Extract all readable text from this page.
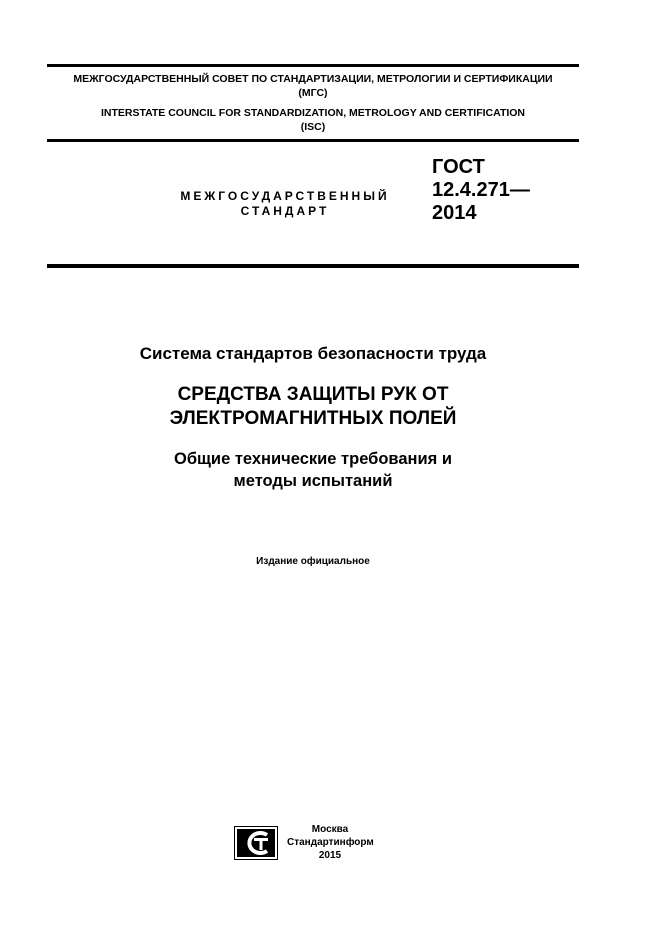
МЕЖГОСУДАРСТВЕННЫЙ СОВЕТ ПО СТАНДАРТИЗАЦИИ, МЕТРОЛОГИИ И СЕРТИФИКАЦИИ
(МГС)
INTERSTATE COUNCIL FOR STANDARDIZATION, METROLOGY AND CERTIFICATION
(ISC)
МЕЖГОСУДАРСТВЕННЫЙ
СТАНДАРТ
ГОСТ
12.4.271—
2014
Система стандартов безопасности труда
СРЕДСТВА ЗАЩИТЫ РУК ОТ
ЭЛЕКТРОМАГНИТНЫХ ПОЛЕЙ
Общие технические требования и
методы испытаний
Издание официальное
Москва
Стандартинформ
2015
